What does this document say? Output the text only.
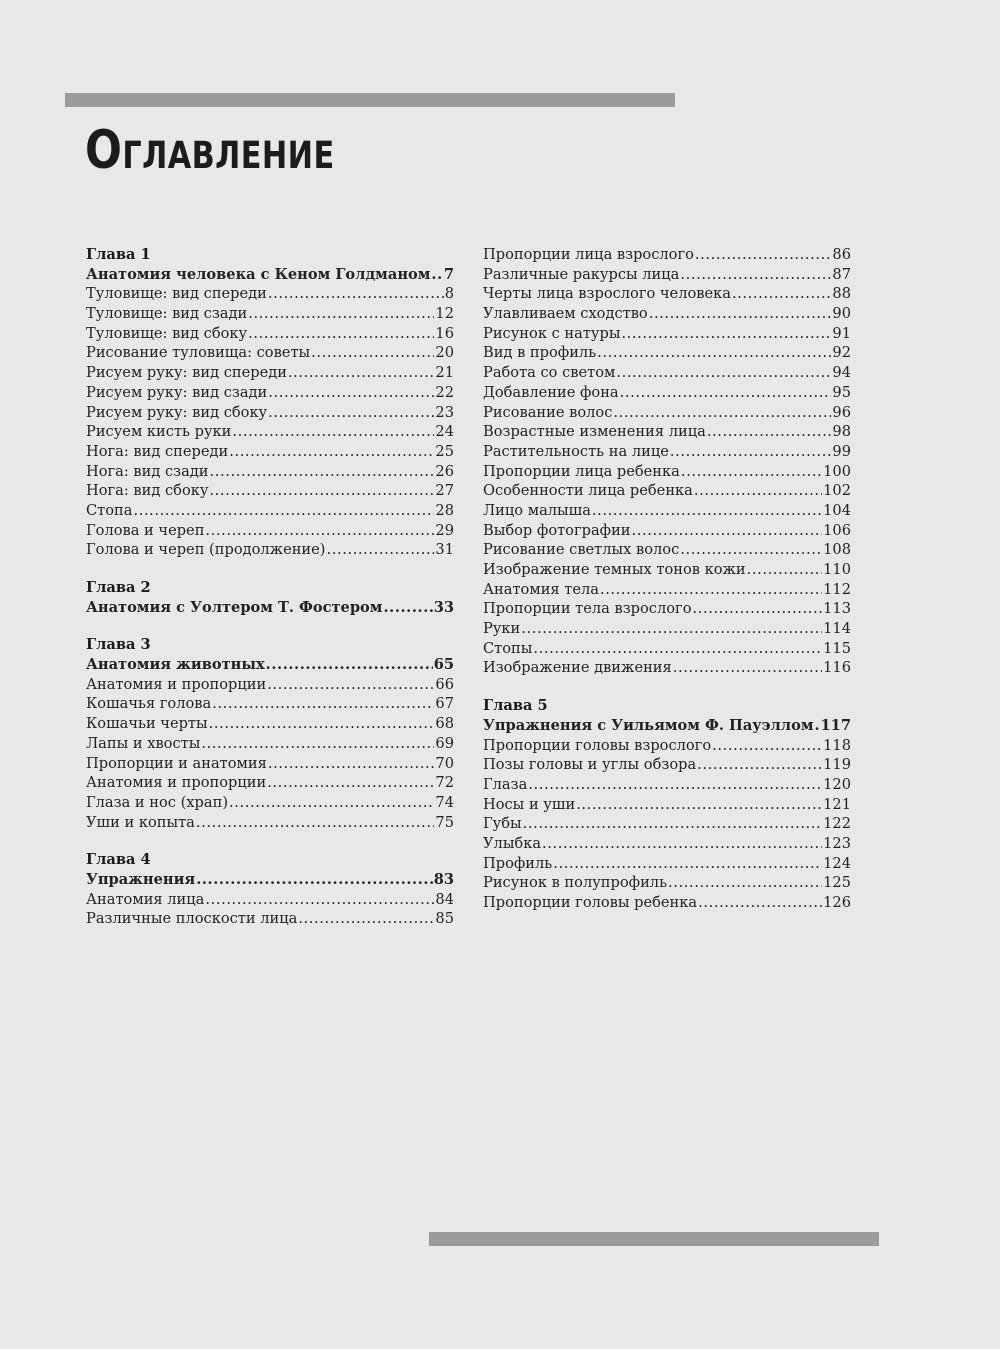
Оглавление
Глава 1
Анатомия человека с Кеном Голдманом ..... 7
Туловище: вид спереди .....	8
Туловище: вид сзади .....	12
Туловище: вид сбоку .....	16
Рисование туловища: советы .....	20
Рисуем руку: вид спереди .....	21
Рисуем руку: вид сзади .....	22
Рисуем руку: вид сбоку .....	23
Рисуем кисть руки .....	24
Нога: вид спереди .....	25
Нога: вид сзади .....	26
Нога: вид сбоку .....	27
Стопа .....	28
Голова и череп .....	29
Голова и череп (продолжение) .....	31
Глава 2
Анатомия с Уолтером Т. Фостером .....	33
Глава 3
Анатомия животных .....	65
Анатомия и пропорции .....	66
Кошачья голова .....	67
Кошачьи черты .....	68
Лапы и хвосты .....	69
Пропорции и анатомия .....	70
Анатомия и пропорции .....	72
Глаза и нос (храп) .....	74
Уши и копыта .....	75
Глава 4
Упражнения .....	83
Анатомия лица .....	84
Различные плоскости лица .....	85
Пропорции лица взрослого .....	86
Различные ракурсы лица .....	87
Черты лица взрослого человека .....	88
Улавливаем сходство .....	90
Рисунок с натуры .....	91
Вид в профиль .....	92
Работа со светом .....	94
Добавление фона .....	95
Рисование волос .....	96
Возрастные изменения лица .....	98
Растительность на лице .....	99
Пропорции лица ребенка .....	100
Особенности лица ребенка .....	102
Лицо малыша .....	104
Выбор фотографии .....	106
Рисование светлых волос .....	108
Изображение темных тонов кожи .....	110
Анатомия тела .....	112
Пропорции тела взрослого .....	113
Руки .....	114
Стопы .....	115
Изображение движения .....	116
Глава 5
Упражнения с Уильямом Ф. Пауэллом ..... 117
Пропорции головы взрослого .....	118
Позы головы и углы обзора .....	119
Глаза .....	120
Носы и уши .....	121
Губы .....	122
Улыбка .....	123
Профиль .....	124
Рисунок в полупрофиль .....	125
Пропорции головы ребенка .....	126
